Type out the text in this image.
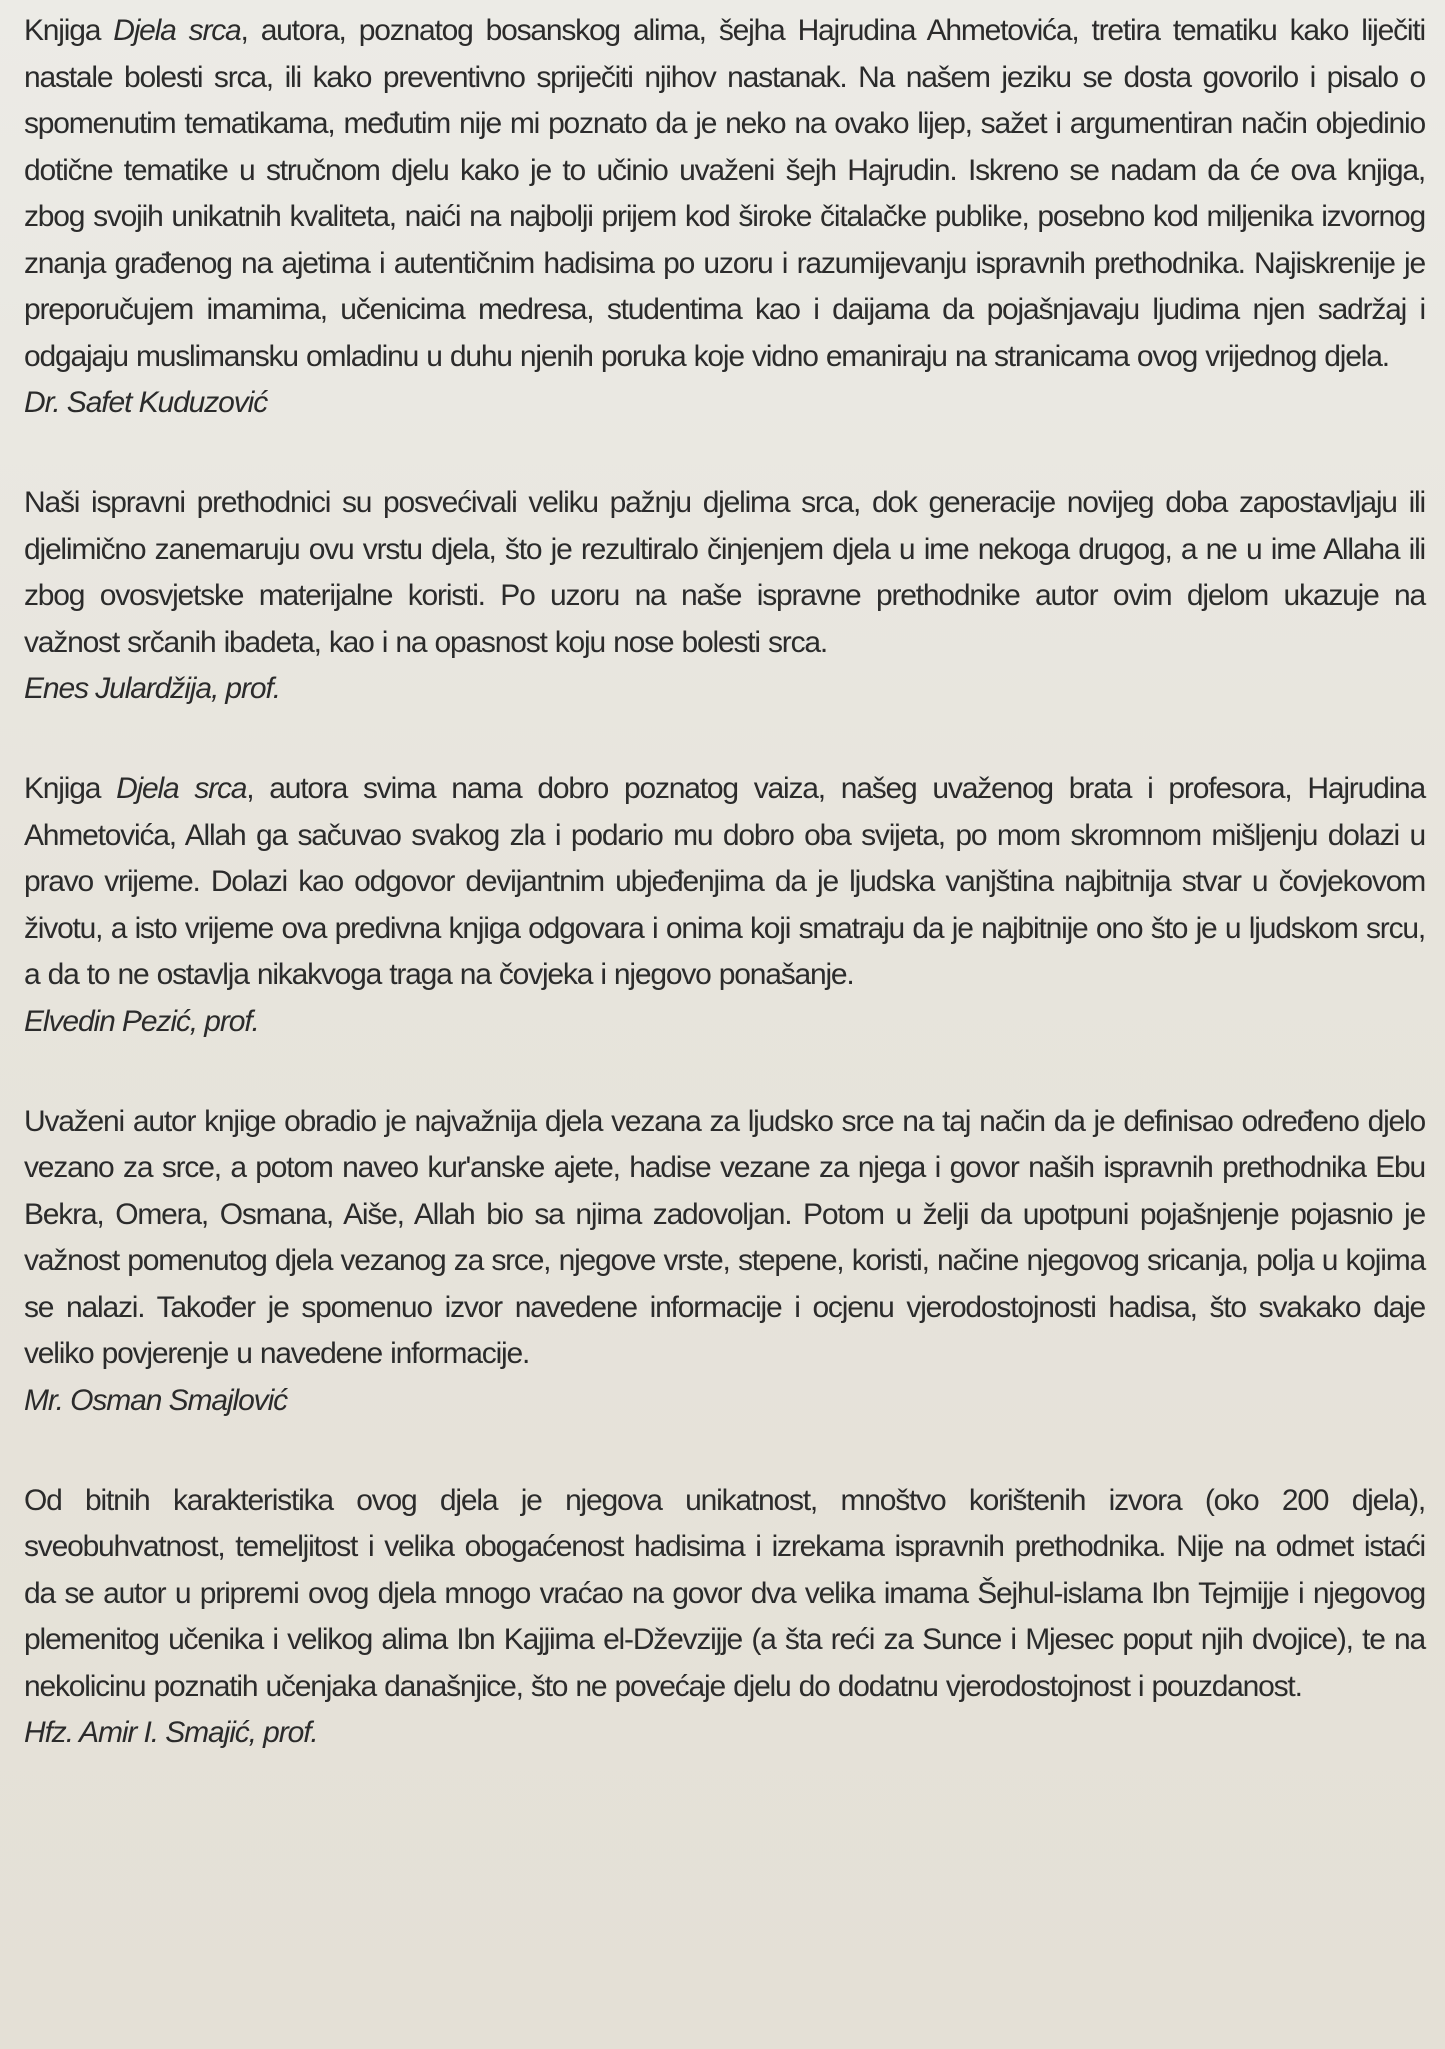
Knjiga Djela srca, autora, poznatog bosanskog alima, šejha Hajrudina Ahmetovića, tretira tematiku kako liječiti nastale bolesti srca, ili kako preventivno spriječiti njihov nastanak. Na našem jeziku se dosta govorilo i pisalo o spomenutim tematikama, međutim nije mi poznato da je neko na ovako lijep, sažet i argumentiran način objedinio dotične tematike u stručnom djelu kako je to učinio uvaženi šejh Hajrudin. Iskreno se nadam da će ova knjiga, zbog svojih unikatnih kvaliteta, naići na najbolji prijem kod široke čitalačke publike, posebno kod miljenika izvornog znanja građenog na ajetima i autentičnim hadisima po uzoru i razumijevanju ispravnih prethodnika. Najiskrenije je preporučujem imamima, učenicima medresa, studentima kao i daijama da pojašnjavaju ljudima njen sadržaj i odgajaju muslimansku omladinu u duhu njenih poruka koje vidno emaniraju na stranicama ovog vrijednog djela.

Dr. Safet Kuduzović

Naši ispravni prethodnici su posvećivali veliku pažnju djelima srca, dok generacije novijeg doba zapostavljaju ili djelimično zanemaruju ovu vrstu djela, što je rezultiralo činjenjem djela u ime nekoga drugog, a ne u ime Allaha ili zbog ovosvjetske materijalne koristi. Po uzoru na naše ispravne prethodnike autor ovim djelom ukazuje na važnost srčanih ibadeta, kao i na opasnost koju nose bolesti srca.

Enes Julardžija, prof.

Knjiga Djela srca, autora svima nama dobro poznatog vaiza, našeg uvaženog brata i profesora, Hajrudina Ahmetovića, Allah ga sačuvao svakog zla i podario mu dobro oba svijeta, po mom skromnom mišljenju dolazi u pravo vrijeme. Dolazi kao odgovor devijantnim ubjeđenjima da je ljudska vanjština najbitnija stvar u čovjekovom životu, a isto vrijeme ova predivna knjiga odgovara i onima koji smatraju da je najbitnije ono što je u ljudskom srcu, a da to ne ostavlja nikakvoga traga na čovjeka i njegovo ponašanje.

Elvedin Pezić, prof.

Uvaženi autor knjige obradio je najvažnija djela vezana za ljudsko srce na taj način da je definisao određeno djelo vezano za srce, a potom naveo kur'anske ajete, hadise vezane za njega i govor naših ispravnih prethodnika Ebu Bekra, Omera, Osmana, Aiše, Allah bio sa njima zadovoljan. Potom u želji da upotpuni pojašnjenje pojasnio je važnost pomenutog djela vezanog za srce, njegove vrste, stepene, koristi, načine njegovog sricanja, polja u kojima se nalazi. Također je spomenuo izvor navedene informacije i ocjenu vjerodostojnosti hadisa, što svakako daje veliko povjerenje u navedene informacije.

Mr. Osman Smajlović

Od bitnih karakteristika ovog djela je njegova unikatnost, mnoštvo korištenih izvora (oko 200 djela), sveobuhvatnost, temeljitost i velika obogaćenost hadisima i izrekama ispravnih prethodnika. Nije na odmet istaći da se autor u pripremi ovog djela mnogo vraćao na govor dva velika imama Šejhul-islama Ibn Tejmijje i njegovog plemenitog učenika i velikog alima Ibn Kajjima el-Dževzijje (a šta reći za Sunce i Mjesec poput njih dvojice), te na nekolicinu poznatih učenjaka današnjice, što ne povećaje djelu do dodatnu vjerodostojnost i pouzdanost.

Hfz. Amir I. Smajić, prof.
